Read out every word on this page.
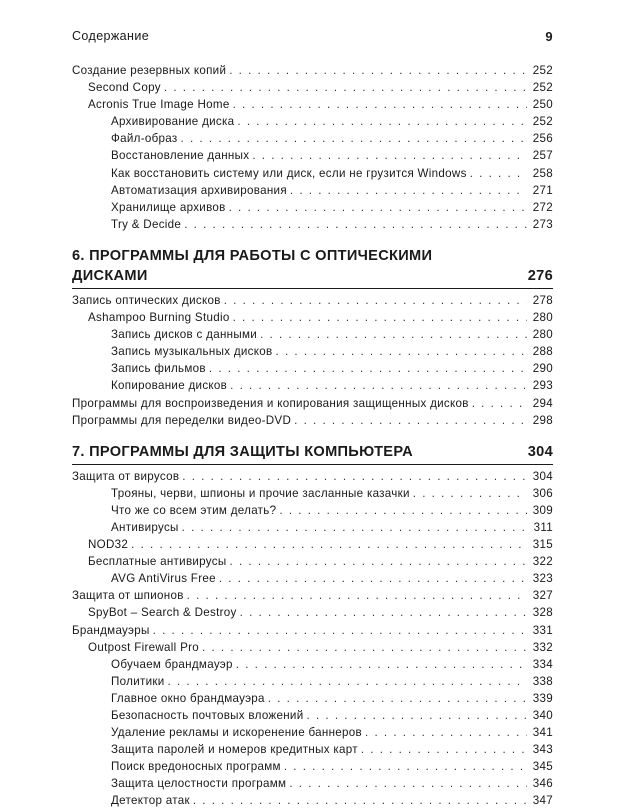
Содержание	9
Создание резервных копий . . .	252
Second Copy . . .	252
Acronis True Image Home . . .	250
Архивирование диска . . .	252
Файл-образ . . .	256
Восстановление данных . . .	257
Как восстановить систему или диск, если не грузится Windows . . .	258
Автоматизация архивирования . . .	271
Хранилище архивов . . .	272
Try & Decide . . .	273
6. ПРОГРАММЫ ДЛЯ РАБОТЫ С ОПТИЧЕСКИМИ
ДИСКАМИ	276
Запись оптических дисков . . .	278
Ashampoo Burning Studio . . .	280
Запись дисков с данными . . .	280
Запись музыкальных дисков . . .	288
Запись фильмов . . .	290
Копирование дисков . . .	293
Программы для воспроизведения и копирования защищенных дисков . . .	294
Программы для переделки видео-DVD . . .	298
7. ПРОГРАММЫ ДЛЯ ЗАЩИТЫ КОМПЬЮТЕРА	304
Защита от вирусов . . .	304
Трояны, черви, шпионы и прочие засланные казачки . . .	306
Что же со всем этим делать? . . .	309
Антивирусы . . .	311
NOD32 . . .	315
Бесплатные антивирусы . . .	322
AVG AntiVirus Free . . .	323
Защита от шпионов . . .	327
SpyBot – Search & Destroy . . .	328
Брандмауэры . . .	331
Outpost Firewall Pro . . .	332
Обучаем брандмауэр . . .	334
Политики . . .	338
Главное окно брандмауэра . . .	339
Безопасность почтовых вложений . . .	340
Удаление рекламы и искоренение баннеров . . .	341
Защита паролей и номеров кредитных карт . . .	343
Поиск вредоносных программ . . .	345
Защита целостности программ . . .	346
Детектор атак . . .	347
